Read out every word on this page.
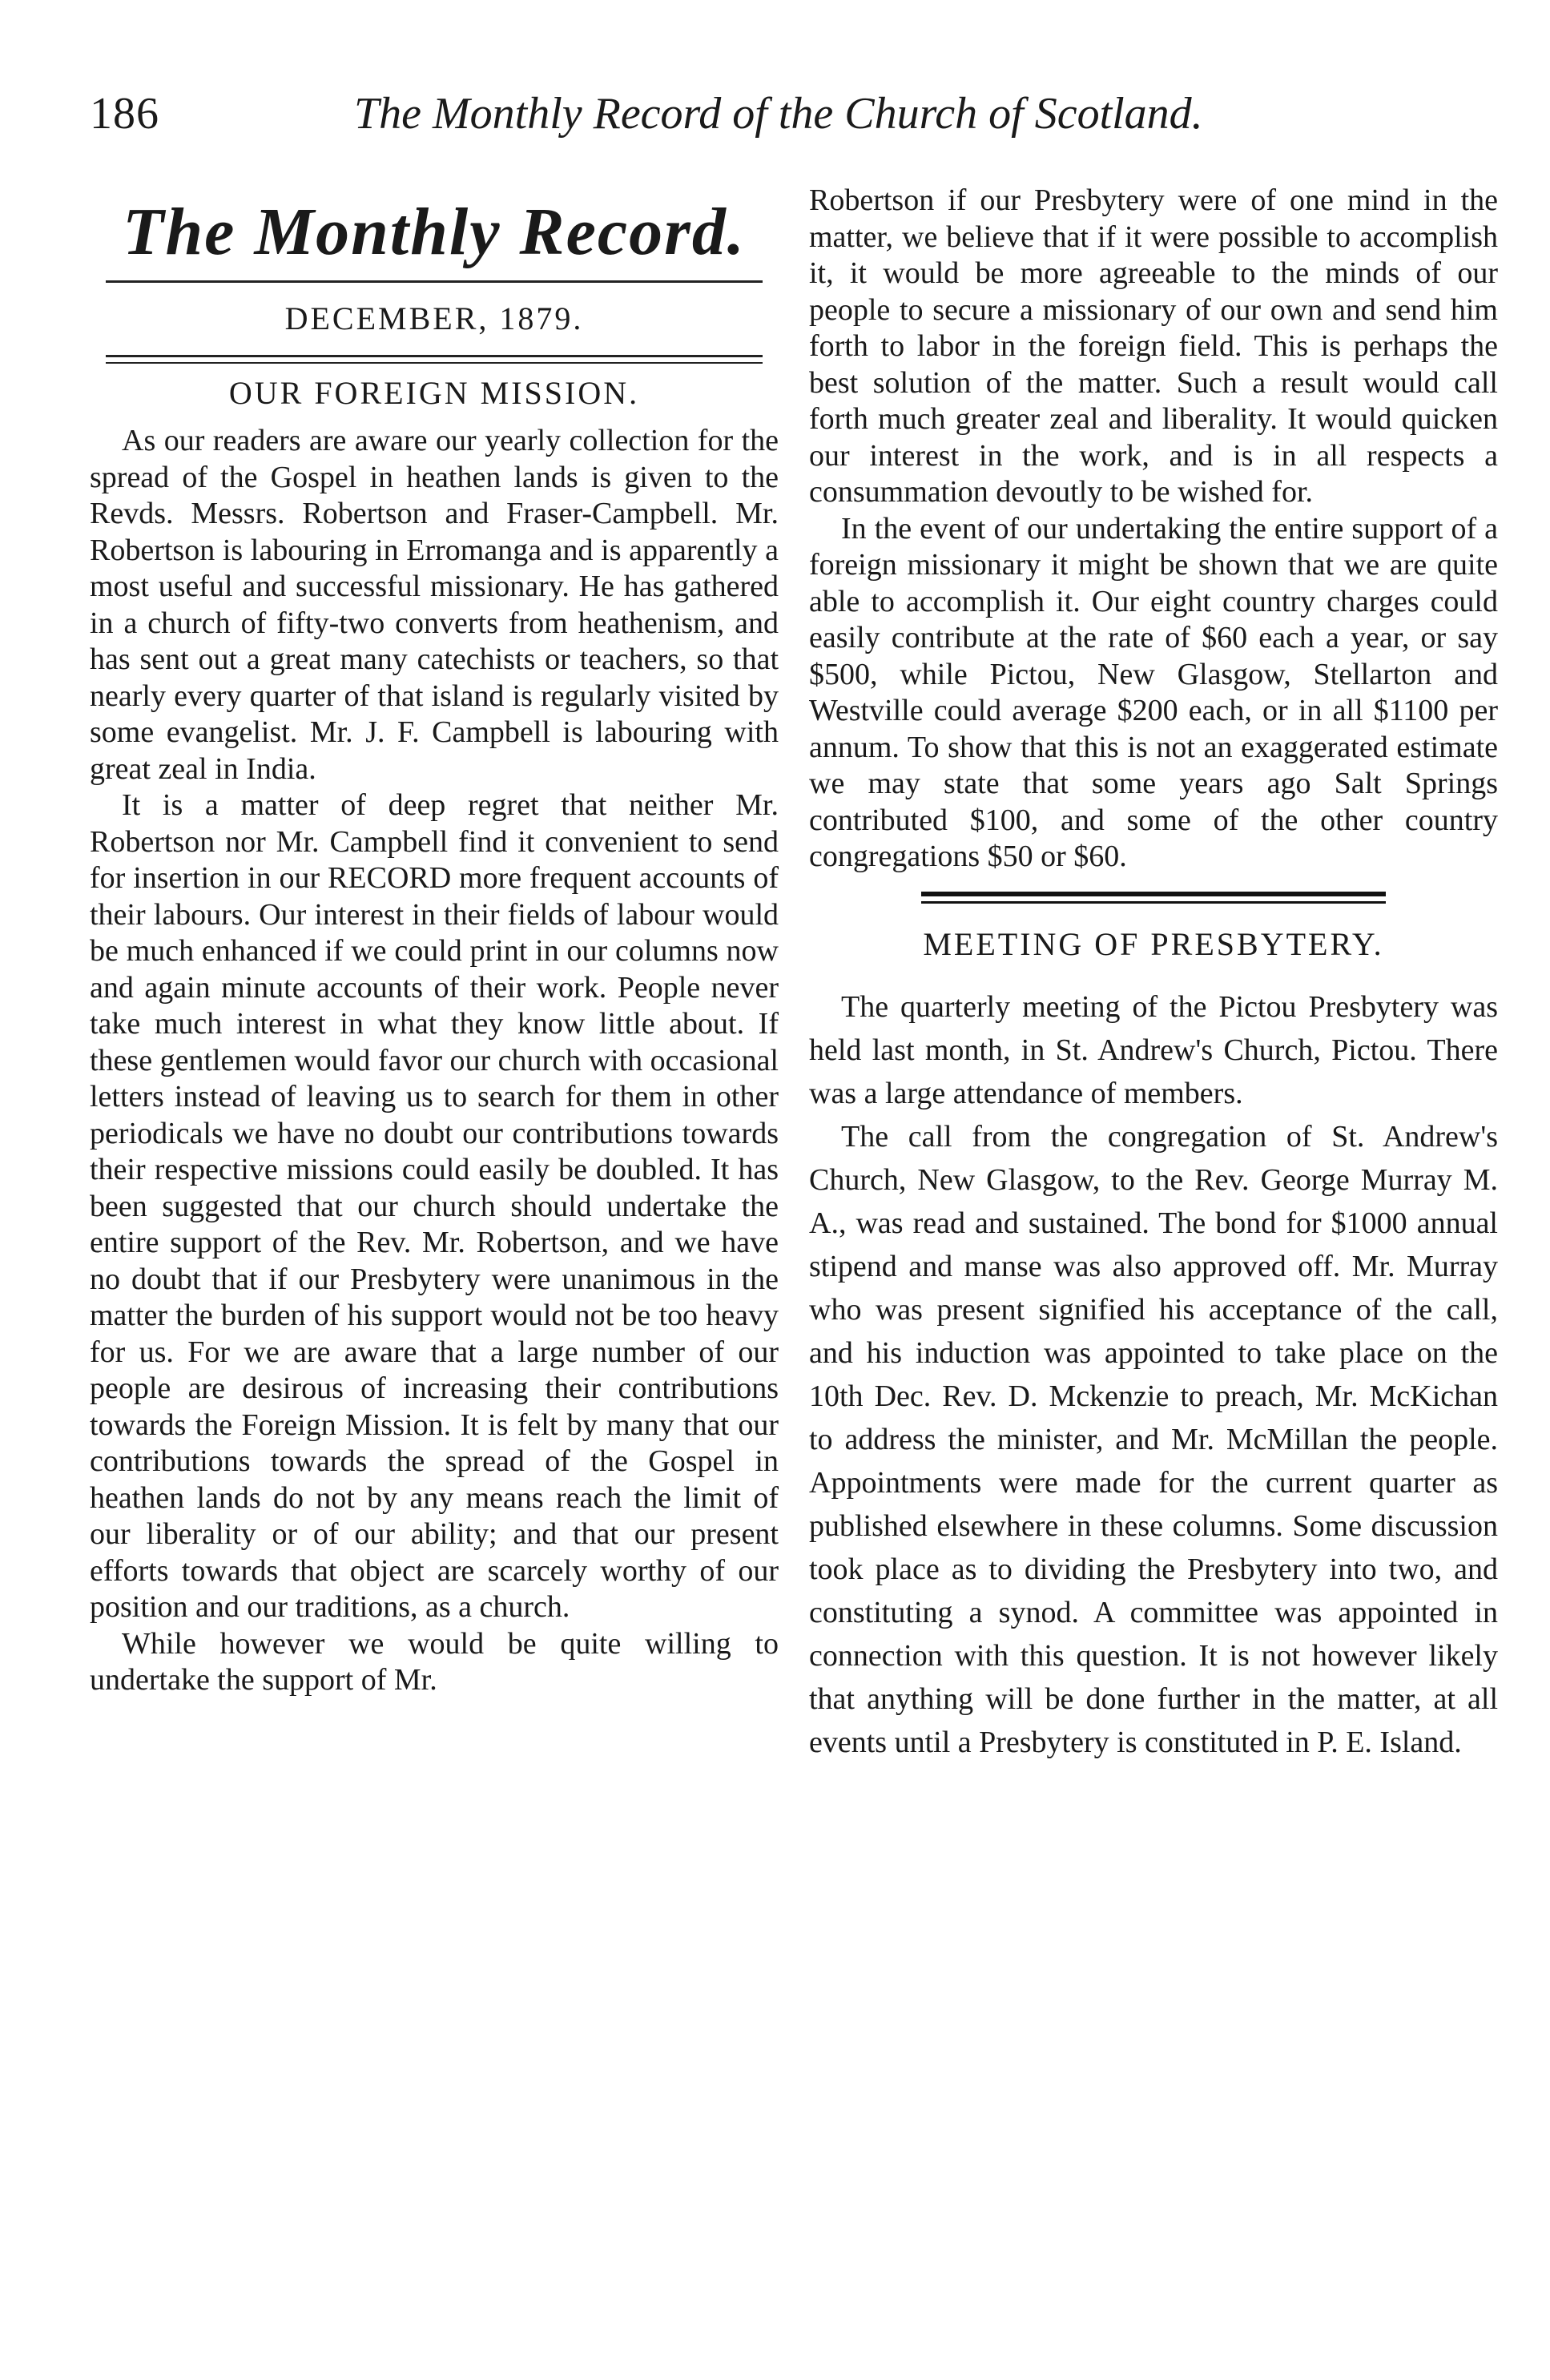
186	The Monthly Record of the Church of Scotland.
The Monthly Record.
DECEMBER, 1879.
OUR FOREIGN MISSION.

As our readers are aware our yearly collection for the spread of the Gospel in heathen lands is given to the Revds. Messrs. Robertson and Fraser-Campbell. Mr. Robertson is labouring in Erromanga and is apparently a most useful and successful missionary. He has gathered in a church of fifty-two converts from heathenism, and has sent out a great many catechists or teachers, so that nearly every quarter of that island is regularly visited by some evangelist. Mr. J. F. Campbell is labouring with great zeal in India.

It is a matter of deep regret that neither Mr. Robertson nor Mr. Campbell find it convenient to send for insertion in our RECORD more frequent accounts of their labours. Our interest in their fields of labour would be much enhanced if we could print in our columns now and again minute accounts of their work. People never take much interest in what they know little about. If these gentlemen would favor our church with occasional letters instead of leaving us to search for them in other periodicals we have no doubt our contributions towards their respective missions could easily be doubled. It has been suggested that our church should undertake the entire support of the Rev. Mr. Robertson, and we have no doubt that if our Presbytery were unanimous in the matter the burden of his support would not be too heavy for us. For we are aware that a large number of our people are desirous of increasing their contributions towards the Foreign Mission. It is felt by many that our contributions towards the spread of the Gospel in heathen lands do not by any means reach the limit of our liberality or of our ability; and that our present efforts towards that object are scarcely worthy of our position and our traditions, as a church.

While however we would be quite willing to undertake the support of Mr.

Robertson if our Presbytery were of one mind in the matter, we believe that if it were possible to accomplish it, it would be more agreeable to the minds of our people to secure a missionary of our own and send him forth to labor in the foreign field. This is perhaps the best solution of the matter. Such a result would call forth much greater zeal and liberality. It would quicken our interest in the work, and is in all respects a consummation devoutly to be wished for.

In the event of our undertaking the entire support of a foreign missionary it might be shown that we are quite able to accomplish it. Our eight country charges could easily contribute at the rate of $60 each a year, or say $500, while Pictou, New Glasgow, Stellarton and Westville could average $200 each, or in all $1100 per annum. To show that this is not an exaggerated estimate we may state that some years ago Salt Springs contributed $100, and some of the other country congregations $50 or $60.

MEETING OF PRESBYTERY.

The quarterly meeting of the Pictou Presbytery was held last month, in St. Andrew's Church, Pictou. There was a large attendance of members.

The call from the congregation of St. Andrew's Church, New Glasgow, to the Rev. George Murray M. A., was read and sustained. The bond for $1000 annual stipend and manse was also approved off. Mr. Murray who was present signified his acceptance of the call, and his induction was appointed to take place on the 10th Dec. Rev. D. Mckenzie to preach, Mr. McKichan to address the minister, and Mr. McMillan the people. Appointments were made for the current quarter as published elsewhere in these columns. Some discussion took place as to dividing the Presbytery into two, and constituting a synod. A committee was appointed in connection with this question. It is not however likely that anything will be done further in the matter, at all events until a Presbytery is constituted in P. E. Island.
